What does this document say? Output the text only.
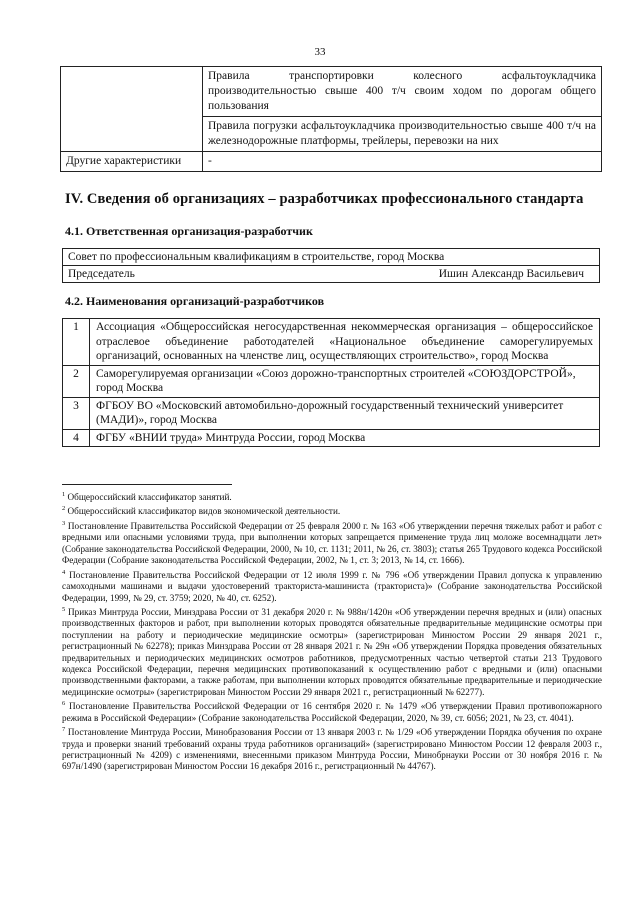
33
	Правила транспортировки колесного асфальтоукладчика производительностью свыше 400 т/ч своим ходом по дорогам общего пользования
	Правила погрузки асфальтоукладчика производительностью свыше 400 т/ч на железнодорожные платформы, трейлеры, перевозки на них
Другие характеристики	-
IV. Сведения об организациях – разработчиках профессионального стандарта
4.1. Ответственная организация-разработчик
Совет по профессиональным квалификациям в строительстве, город Москва

Председатель	Ишин Александр Васильевич
4.2. Наименования организаций-разработчиков
1	Ассоциация «Общероссийская негосударственная некоммерческая организация – общероссийское отраслевое объединение работодателей «Национальное объединение саморегулируемых организаций, основанных на членстве лиц, осуществляющих строительство», город Москва
2	Саморегулируемая организации «Союз дорожно-транспортных строителей «СОЮЗДОРСТРОЙ», город Москва
3	ФГБОУ ВО «Московский автомобильно-дорожный государственный технический университет (МАДИ)», город Москва
4	ФГБУ «ВНИИ труда» Минтруда России, город Москва

$^1$ Общероссийский классификатор занятий.

$^2$ Общероссийский классификатор видов экономической деятельности.

$^3$ Постановление Правительства Российской Федерации от 25 февраля 2000 г. № 163 «Об утверждении перечня тяжелых работ и работ с вредными или опасными условиями труда, при выполнении которых запрещается применение труда лиц моложе восемнадцати лет» (Собрание законодательства Российской Федерации, 2000, № 10, ст. 1131; 2011, № 26, ст. 3803); статья 265 Трудового кодекса Российской Федерации (Собрание законодательства Российской Федерации, 2002, № 1, ст. 3; 2013, № 14, ст. 1666).

$^4$ Постановление Правительства Российской Федерации от 12 июля 1999 г. № 796 «Об утверждении Правил допуска к управлению самоходными машинами и выдачи удостоверений тракториста-машиниста (тракториста)» (Собрание законодательства Российской Федерации, 1999, № 29, ст. 3759; 2020, № 40, ст. 6252).

$^5$ Приказ Минтруда России, Минздрава России от 31 декабря 2020 г. № 988н/1420н «Об утверждении перечня вредных и (или) опасных производственных факторов и работ, при выполнении которых проводятся обязательные предварительные медицинские осмотры при поступлении на работу и периодические медицинские осмотры» (зарегистрирован Минюстом России 29 января 2021 г., регистрационный № 62278); приказ Минздрава России от 28 января 2021 г. № 29н «Об утверждении Порядка проведения обязательных предварительных и периодических медицинских осмотров работников, предусмотренных частью четвертой статьи 213 Трудового кодекса Российской Федерации, перечня медицинских противопоказаний к осуществлению работ с вредными и (или) опасными производственными факторами, а также работам, при выполнении которых проводятся обязательные предварительные и периодические медицинские осмотры» (зарегистрирован Минюстом России 29 января 2021 г., регистрационный № 62277).

$^6$ Постановление Правительства Российской Федерации от 16 сентября 2020 г. № 1479 «Об утверждении Правил противопожарного режима в Российской Федерации» (Собрание законодательства Российской Федерации, 2020, № 39, ст. 6056; 2021, № 23, ст. 4041).

$^7$ Постановление Минтруда России, Минобразования России от 13 января 2003 г. № 1/29 «Об утверждении Порядка обучения по охране труда и проверки знаний требований охраны труда работников организаций» (зарегистрировано Минюстом России 12 февраля 2003 г., регистрационный № 4209) с изменениями, внесенными приказом Минтруда России, Минобрнауки России от 30 ноября 2016 г. № 697н/1490 (зарегистрирован Минюстом России 16 декабря 2016 г., регистрационный № 44767).
